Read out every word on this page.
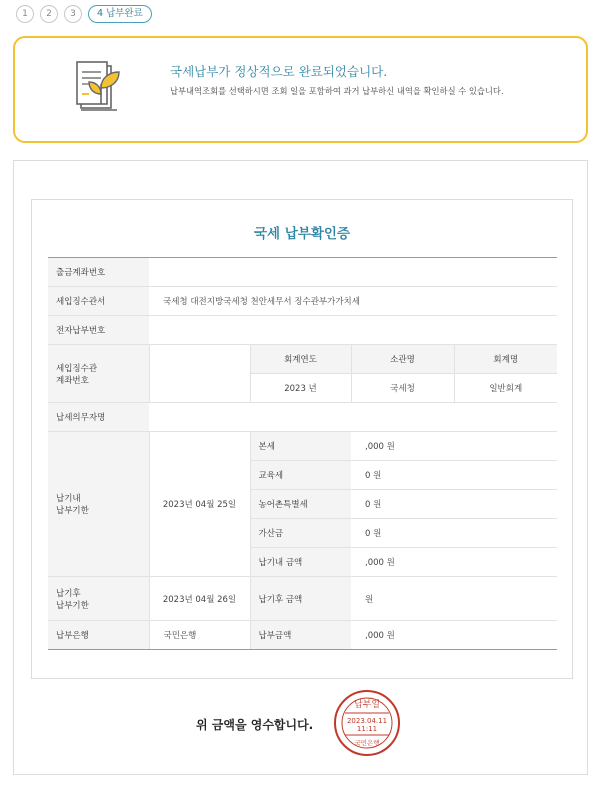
1	2	3	4 납부완료
국세납부가 정상적으로 완료되었습니다.
납부내역조회를 선택하시면 조회 일을 포함하여 과거 납부하신 내역을 확인하실 수 있습니다.
국세 납부확인증
출금계좌번호				
세입징수관서	국세청 대전지방국세청 천안세무서 징수관부가가치세			
전자납부번호				
세입징수관
계좌번호		회계연도	소관명	회계명
		2023 년	국세청	일반회계
납세의무자명				
납기내
납부기한	2023년 04월 25일	본세	,000 원	
		교육세	0 원	
		농어촌특별세	0 원	
		가산금	0 원	
		납기내 금액	,000 원	
납기후
납부기한	2023년 04월 26일	납기후 금액	원	
납부은행	국민은행	납부금액	,000 원	
위 금액을 영수합니다.
납부일
2023.04.11
11:11
국민은행
